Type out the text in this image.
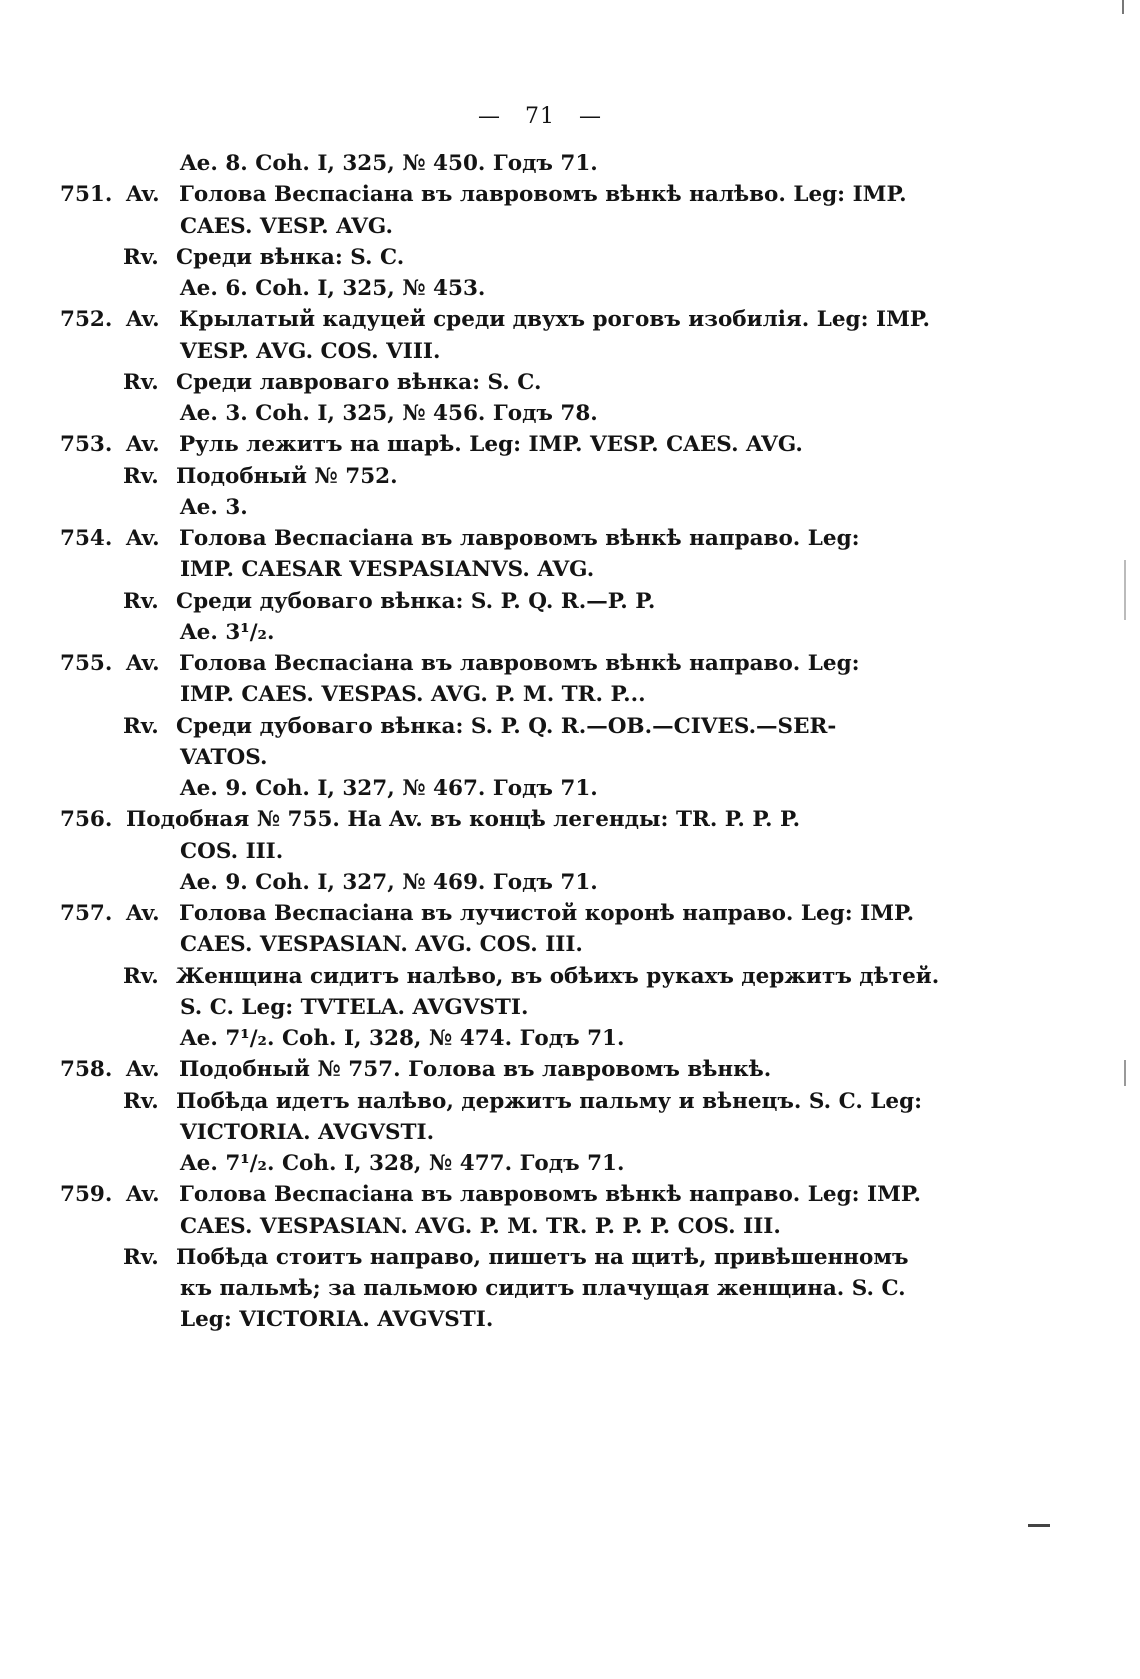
— 71 —
Ae. 8. Coh. I, 325, № 450. Годъ 71.
751. Av. Голова Веспасіана въ лавровомъ вѣнкѣ налѣво. Leg: IMP.
CAES. VESP. AVG.
Rv. Среди вѣнка: S. C.
Ae. 6. Coh. I, 325, № 453.
752. Av. Крылатый кадуцей среди двухъ роговъ изобилія. Leg: IMP.
VESP. AVG. COS. VIII.
Rv. Среди лавроваго вѣнка: S. C.
Ae. 3. Coh. I, 325, № 456. Годъ 78.
753. Av. Руль лежитъ на шарѣ. Leg: IMP. VESP. CAES. AVG.
Rv. Подобный № 752.
Ae. 3.
754. Av. Голова Веспасіана въ лавровомъ вѣнкѣ направо. Leg:
IMP. CAESAR VESPASIANVS. AVG.
Rv. Среди дубоваго вѣнка: S. P. Q. R.—P. P.
Ae. 3¹/₂.
755. Av. Голова Веспасіана въ лавровомъ вѣнкѣ направо. Leg:
IMP. CAES. VESPAS. AVG. P. M. TR. P...
Rv. Среди дубоваго вѣнка: S. P. Q. R.—OB.—CIVES.—SER-
VATOS.
Ae. 9. Coh. I, 327, № 467. Годъ 71.
756. Подобная № 755. На Av. въ концѣ легенды: TR. P. P. P.
COS. III.
Ae. 9. Coh. I, 327, № 469. Годъ 71.
757. Av. Голова Веспасіана въ лучистой коронѣ направо. Leg: IMP.
CAES. VESPASIAN. AVG. COS. III.
Rv. Женщина сидитъ налѣво, въ обѣихъ рукахъ держитъ дѣтей.
S. C. Leg: TVTELA. AVGVSTI.
Ae. 7¹/₂. Coh. I, 328, № 474. Годъ 71.
758. Av. Подобный № 757. Голова въ лавровомъ вѣнкѣ.
Rv. Побѣда идетъ налѣво, держитъ пальму и вѣнецъ. S. C. Leg:
VICTORIA. AVGVSTI.
Ae. 7¹/₂. Coh. I, 328, № 477. Годъ 71.
759. Av. Голова Веспасіана въ лавровомъ вѣнкѣ направо. Leg: IMP.
CAES. VESPASIAN. AVG. P. M. TR. P. P. P. COS. III.
Rv. Побѣда стоитъ направо, пишетъ на щитѣ, привѣшенномъ
къ пальмѣ; за пальмою сидитъ плачущая женщина. S. C.
Leg: VICTORIA. AVGVSTI.
